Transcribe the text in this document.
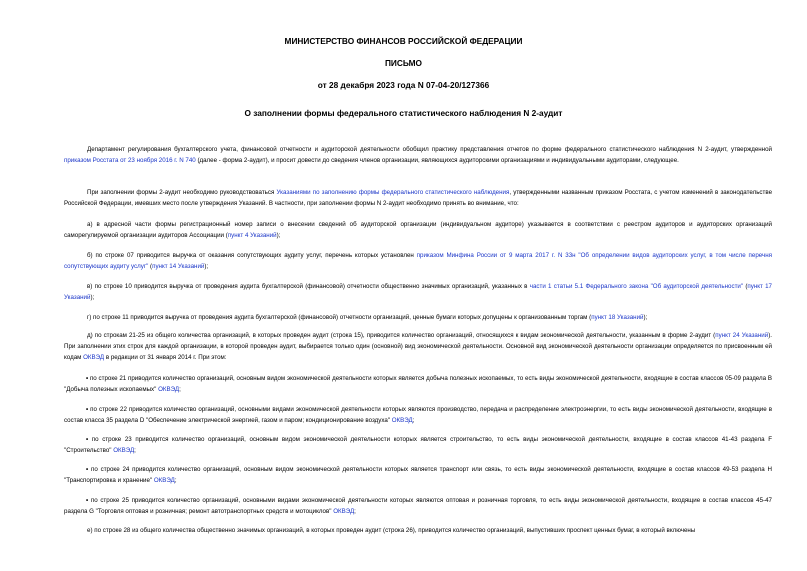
МИНИСТЕРСТВО ФИНАНСОВ РОССИЙСКОЙ ФЕДЕРАЦИИ

ПИСЬМО

от 28 декабря 2023 года N 07-04-20/127366

О заполнении формы федерального статистического наблюдения N 2-аудит

Департамент регулирования бухгалтерского учета, финансовой отчетности и аудиторской деятельности обобщил практику представления отчетов по форме федерального статистического наблюдения N 2-аудит, утвержденной приказом Росстата от 23 ноября 2016 г. N 740 (далее - форма 2-аудит), и просит довести до сведения членов организации, являющихся аудиторскими организациями и индивидуальными аудиторами, следующее.

При заполнении формы 2-аудит необходимо руководствоваться Указаниями по заполнению формы федерального статистического наблюдения, утвержденными названным приказом Росстата, с учетом изменений в законодательстве Российской Федерации, имевших место после утверждения Указаний. В частности, при заполнении формы N 2-аудит необходимо принять во внимание, что:

а) в адресной части формы регистрационный номер записи о внесении сведений об аудиторской организации (индивидуальном аудиторе) указывается в соответствии с реестром аудиторов и аудиторских организаций саморегулируемой организации аудиторов Ассоциации (пункт 4 Указаний);

б) по строке 07 приводится выручка от оказания сопутствующих аудиту услуг, перечень которых установлен приказом Минфина России от 9 марта 2017 г. N 33н "Об определении видов аудиторских услуг, в том числе перечня сопутствующих аудиту услуг" (пункт 14 Указаний);

в) по строке 10 приводится выручка от проведения аудита бухгалтерской (финансовой) отчетности общественно значимых организаций, указанных в части 1 статьи 5.1 Федерального закона "Об аудиторской деятельности" (пункт 17 Указаний);

г) по строке 11 приводится выручка от проведения аудита бухгалтерской (финансовой) отчетности организаций, ценные бумаги которых допущены к организованным торгам (пункт 18 Указаний);

д) по строкам 21-25 из общего количества организаций, в которых проведен аудит (строка 15), приводится количество организаций, относящихся к видам экономической деятельности, указанным в форме 2-аудит (пункт 24 Указаний). При заполнении этих строк для каждой организации, в которой проведен аудит, выбирается только один (основной) вид экономической деятельности. Основной вид экономической деятельности организации определяется по присвоенным ей кодам ОКВЭД в редакции от 31 января 2014 г. При этом:

• по строке 21 приводится количество организаций, основным видом экономической деятельности которых является добыча полезных ископаемых, то есть виды экономической деятельности, входящие в состав классов 05-09 раздела B "Добыча полезных ископаемых" ОКВЭД;

• по строке 22 приводится количество организаций, основными видами экономической деятельности которых являются производство, передача и распределение электроэнергии, то есть виды экономической деятельности, входящие в состав класса 35 раздела D "Обеспечение электрической энергией, газом и паром; кондиционирование воздуха" ОКВЭД;

• по строке 23 приводится количество организаций, основным видом экономической деятельности которых является строительство, то есть виды экономической деятельности, входящие в состав классов 41-43 раздела F "Строительство" ОКВЭД;

• по строке 24 приводится количество организаций, основным видом экономической деятельности которых является транспорт или связь, то есть виды экономической деятельности, входящие в состав классов 49-53 раздела H "Транспортировка и хранение" ОКВЭД;

• по строке 25 приводится количество организаций, основными видами экономической деятельности которых являются оптовая и розничная торговля, то есть виды экономической деятельности, входящие в состав классов 45-47 раздела G "Торговля оптовая и розничная; ремонт автотранспортных средств и мотоциклов" ОКВЭД;

е) по строке 28 из общего количества общественно значимых организаций, в которых проведен аудит (строка 26), приводится количество организаций, выпустивших проспект ценных бумаг, в который включены
